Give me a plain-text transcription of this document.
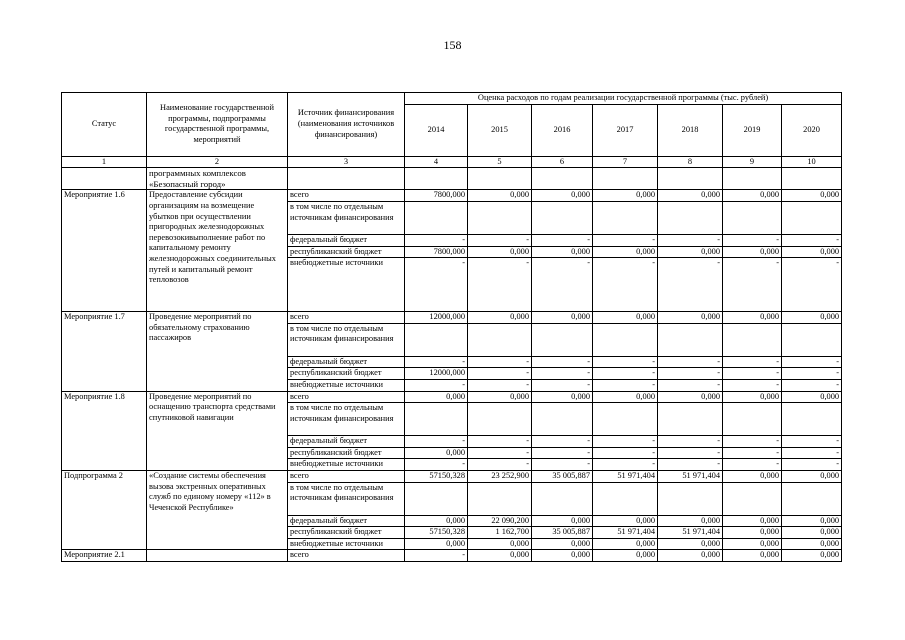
158
Статус	Наименование государственной программы, подпрограммы государственной программы, мероприятий	Источник финансирования (наименования источников финансирования)	Оценка расходов по годам реализации государственной программы (тыс. рублей)						
			2014	2015	2016	2017	2018	2019	2020
1	2	3	4	5	6	7	8	9	10
	программных комплексов «Безопасный город»								
Мероприятие 1.6	Предоставление субсидии организациям на возмещение убытков при осуществлении пригородных железнодорожных перевозокивыполнение работ по капитальному ремонту железнодорожных соединительных путей и капитальный ремонт тепловозов	всего	7800,000	0,000	0,000	0,000	0,000	0,000	0,000
		в том числе по отдельным источникам финансирования							
		федеральный бюджет	-	-	-	-	-	-	-
		республиканский бюджет	7800,000	0,000	0,000	0,000	0,000	0,000	0,000
		внебюджетные источники	-	-	-	-	-	-	-
Мероприятие 1.7	Проведение мероприятий по обязательному страхованию пассажиров	всего	12000,000	0,000	0,000	0,000	0,000	0,000	0,000
		в том числе по отдельным источникам финансирования							
		федеральный бюджет	-	-	-	-	-	-	-
		республиканский бюджет	12000,000	-	-	-	-	-	-
		внебюджетные источники	-	-	-	-	-	-	-
Мероприятие 1.8	Проведение мероприятий по оснащению транспорта средствами спутниковой навигации	всего	0,000	0,000	0,000	0,000	0,000	0,000	0,000
		в том числе по отдельным источникам финансирования							
		федеральный бюджет	-	-	-	-	-	-	-
		республиканский бюджет	0,000	-	-	-	-	-	-
		внебюджетные источники	-	-	-	-	-	-	-
Подпрограмма 2	«Создание системы обеспечения вызова экстренных оперативных служб по единому номеру «112» в Чеченской Республике»	всего	57150,328	23 252,900	35 005,887	51 971,404	51 971,404	0,000	0,000
		в том числе по отдельным источникам финансирования							
		федеральный бюджет	0,000	22 090,200	0,000	0,000	0,000	0,000	0,000
		республиканский бюджет	57150,328	1 162,700	35 005,887	51 971,404	51 971,404	0,000	0,000
		внебюджетные источники	0,000	0,000	0,000	0,000	0,000	0,000	0,000
Мероприятие 2.1		всего	-	0,000	0,000	0,000	0,000	0,000	0,000
